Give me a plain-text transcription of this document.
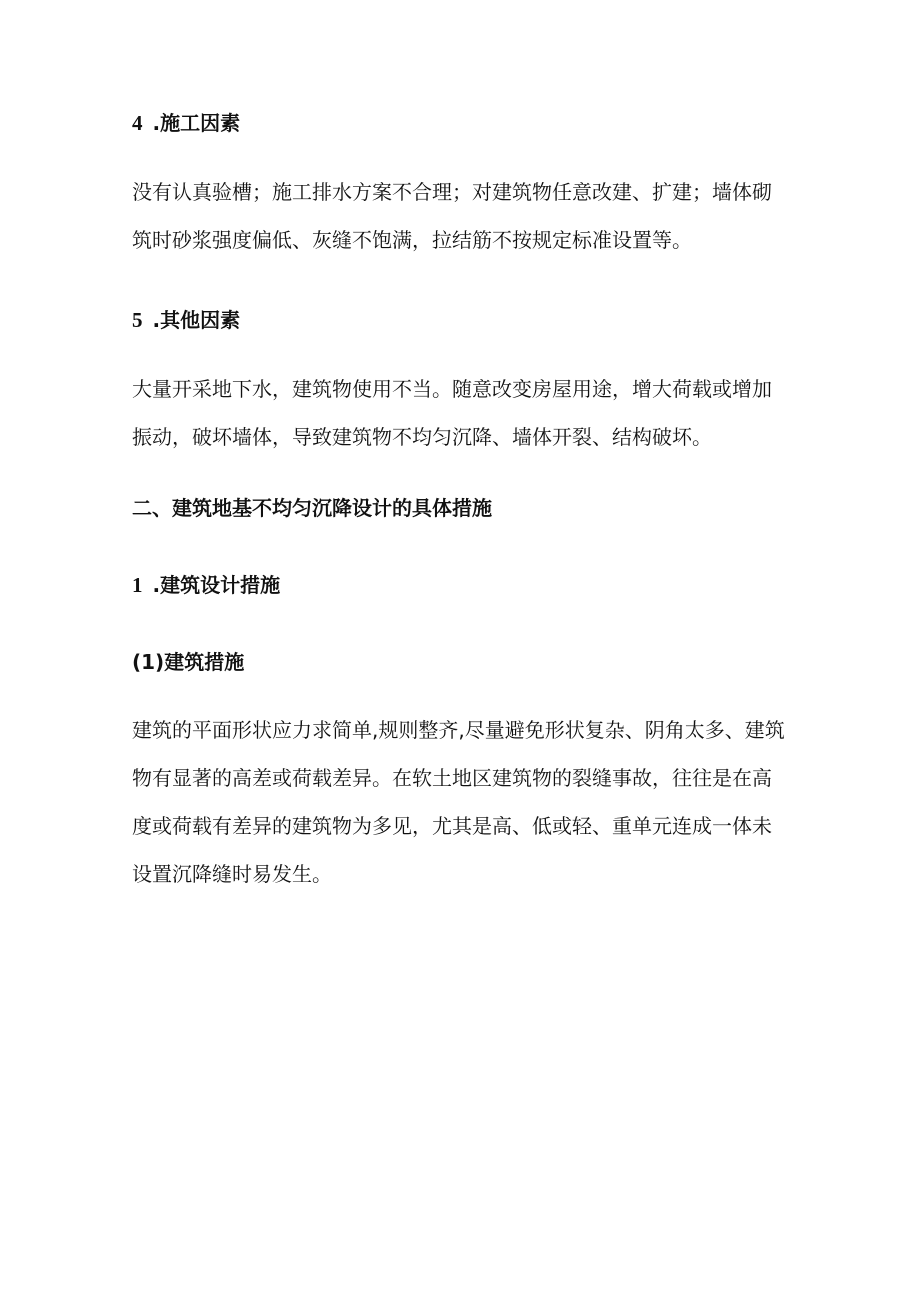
4 .施工因素
没有认真验槽；施工排水方案不合理；对建筑物任意改建、扩建；墙体砌
筑时砂浆强度偏低、灰缝不饱满，拉结筋不按规定标准设置等。
5 .其他因素
大量开采地下水，建筑物使用不当。随意改变房屋用途，增大荷载或增加
振动，破坏墙体，导致建筑物不均匀沉降、墙体开裂、结构破坏。
二、建筑地基不均匀沉降设计的具体措施
1 .建筑设计措施
(1)建筑措施
建筑的平面形状应力求简单,规则整齐,尽量避免形状复杂、阴角太多、建筑
物有显著的高差或荷载差异。在软土地区建筑物的裂缝事故，往往是在高
度或荷载有差异的建筑物为多见，尤其是高、低或轻、重单元连成一体未
设置沉降缝时易发生。
